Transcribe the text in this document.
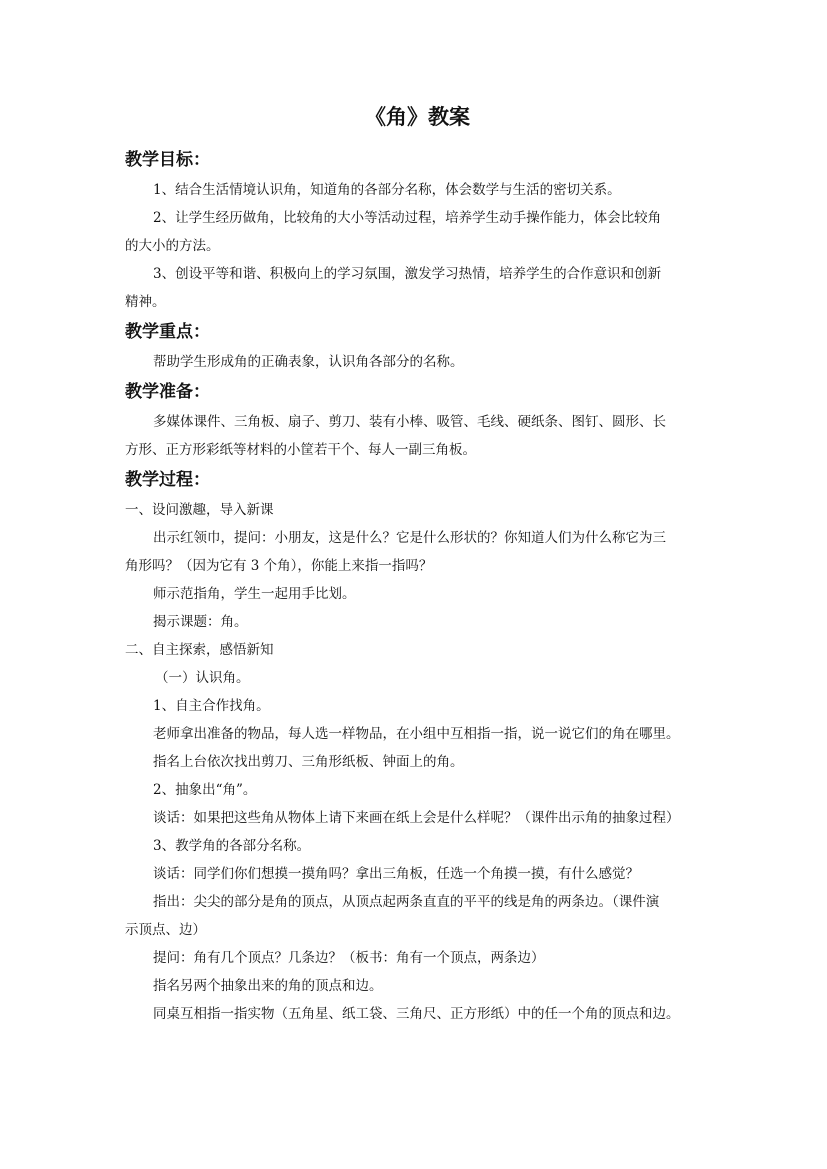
《角》教案
教学目标：
1、结合生活情境认识角，知道角的各部分名称，体会数学与生活的密切关系。
2、让学生经历做角，比较角的大小等活动过程，培养学生动手操作能力，体会比较角
的大小的方法。
3、创设平等和谐、积极向上的学习氛围，激发学习热情，培养学生的合作意识和创新
精神。
教学重点：
帮助学生形成角的正确表象，认识角各部分的名称。
教学准备：
多媒体课件、三角板、扇子、剪刀、装有小棒、吸管、毛线、硬纸条、图钉、圆形、长
方形、正方形彩纸等材料的小筐若干个、每人一副三角板。
教学过程：
一、设问激趣，导入新课
出示红领巾，提问：小朋友，这是什么？它是什么形状的？你知道人们为什么称它为三
角形吗？（因为它有 3 个角），你能上来指一指吗？
师示范指角，学生一起用手比划。
揭示课题：角。
二、自主探索，感悟新知
（一）认识角。
1、自主合作找角。
老师拿出准备的物品，每人选一样物品，在小组中互相指一指，说一说它们的角在哪里。
指名上台依次找出剪刀、三角形纸板、钟面上的角。
2、抽象出“角”。
谈话：如果把这些角从物体上请下来画在纸上会是什么样呢？（课件出示角的抽象过程）
3、教学角的各部分名称。
谈话：同学们你们想摸一摸角吗？拿出三角板，任选一个角摸一摸，有什么感觉？
指出：尖尖的部分是角的顶点，从顶点起两条直直的平平的线是角的两条边。（课件演
示顶点、边）
提问：角有几个顶点？几条边？（板书：角有一个顶点，两条边）
指名另两个抽象出来的角的顶点和边。
同桌互相指一指实物（五角星、纸工袋、三角尺、正方形纸）中的任一个角的顶点和边。
